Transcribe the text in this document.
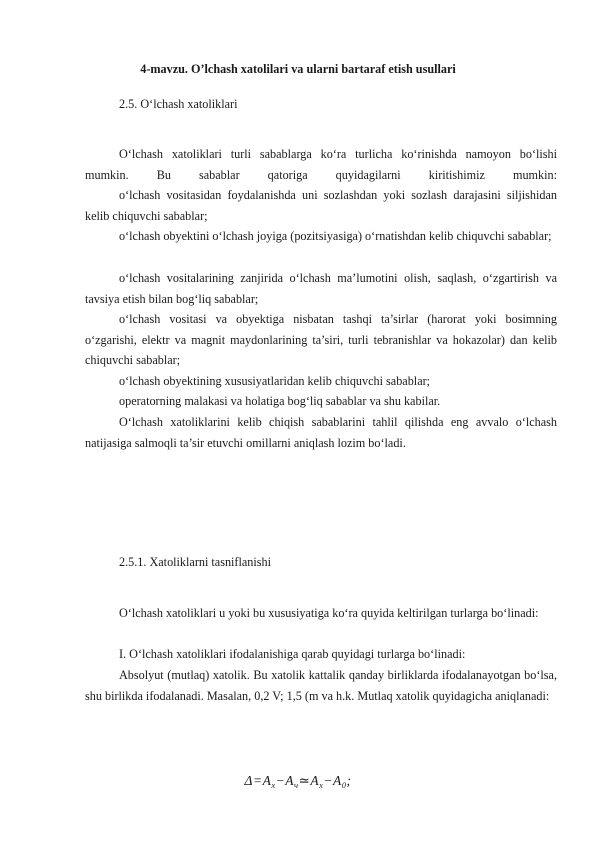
4-mavzu. O’lchash xatolilari va ularni bartaraf etish usullari
2.5. O‘lchash xatoliklari

O‘lchash xatoliklari turli sabablarga ko‘ra turlicha ko‘rinishda namoyon bo‘lishi mumkin. Bu sabablar qatoriga quyidagilarni kiritishimiz mumkin:

o‘lchash vositasidan foydalanishda uni sozlashdan yoki sozlash darajasini siljishidan kelib chiquvchi sabablar;

o‘lchash obyektini o‘lchash joyiga (pozitsiyasiga) o‘rnatishdan kelib chiquvchi sabablar;

o‘lchash vositalarining zanjirida o‘lchash ma’lumotini olish, saqlash, o‘zgartirish va tavsiya etish bilan bog‘liq sabablar;

o‘lchash vositasi va obyektiga nisbatan tashqi ta’sirlar (harorat yoki bosimning o‘zgarishi, elektr va magnit maydonlarining ta’siri, turli tebranishlar va hokazolar) dan kelib chiquvchi sabablar;

o‘lchash obyektining xususiyatlaridan kelib chiquvchi sabablar;

operatorning malakasi va holatiga bog‘liq sabablar va shu kabilar.

O‘lchash xatoliklarini kelib chiqish sabablarini tahlil qilishda eng avvalo o‘lchash natijasiga salmoqli ta’sir etuvchi omillarni aniqlash lozim bo‘ladi.

2.5.1. Xatoliklarni tasniflanishi

O‘lchash xatoliklari u yoki bu xususiyatiga ko‘ra quyida keltirilgan turlarga bo‘linadi:

I. O‘lchash xatoliklari ifodalanishiga qarab quyidagi turlarga bo‘linadi:

Absolyut (mutlaq) xatolik. Bu xatolik kattalik qanday birliklarda ifodalanayotgan bo‘lsa, shu birlikda ifodalanadi. Masalan, 0,2 V; 1,5 (m va h.k. Mutlaq xatolik quyidagicha aniqlanadi:

$\Delta=A_x-A_ч≃A_x-A_0$;
